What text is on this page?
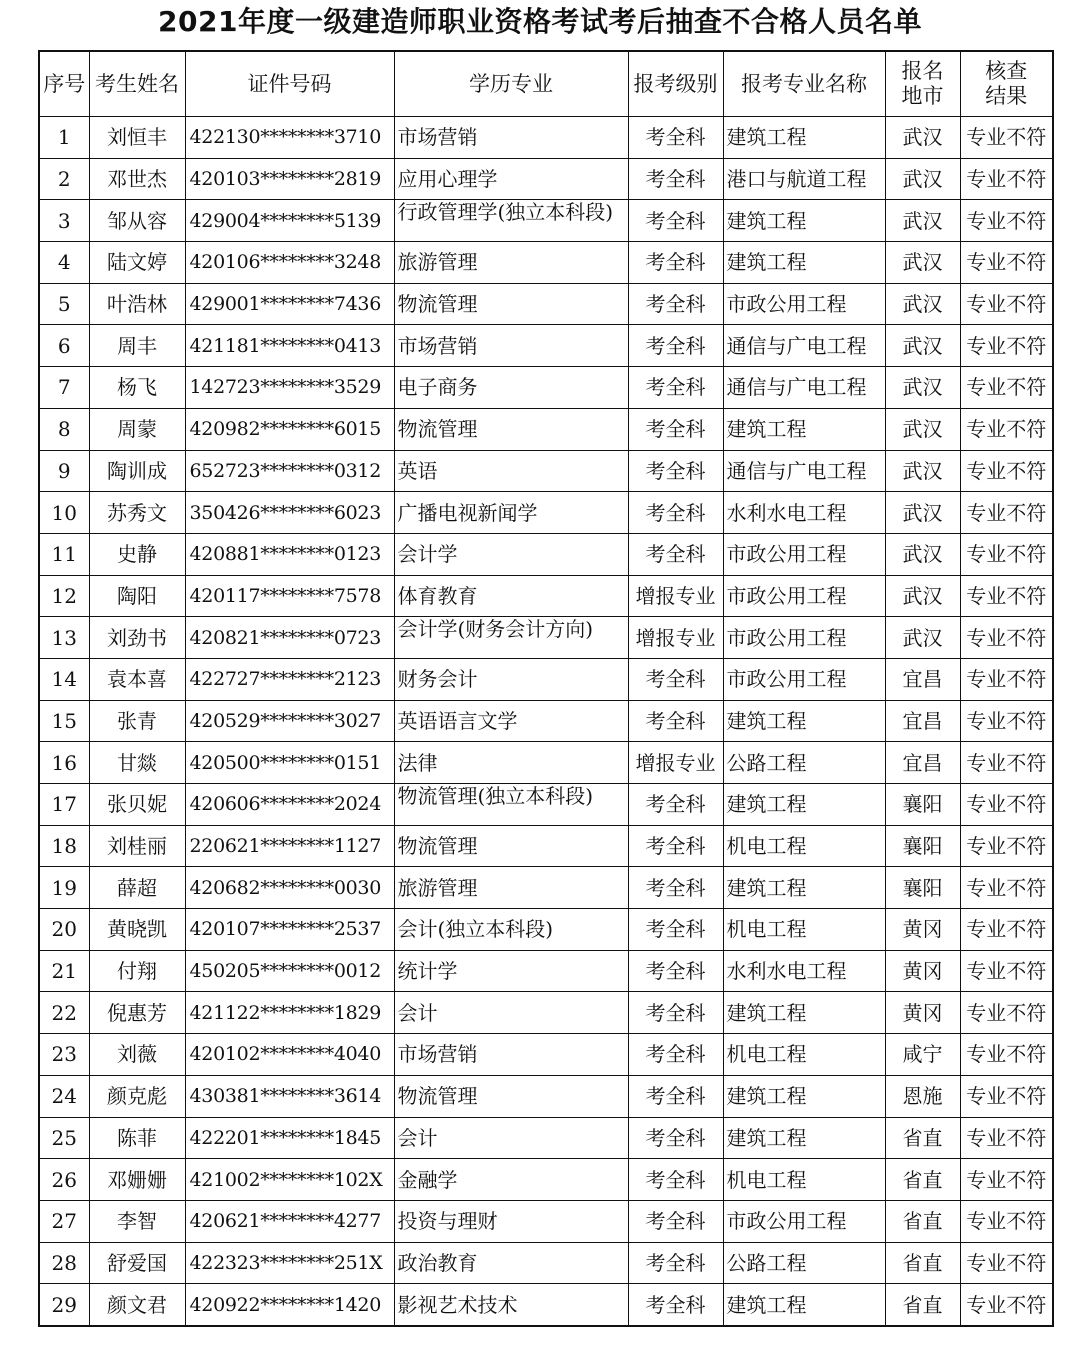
2021年度一级建造师职业资格考试考后抽查不合格人员名单
序号	考生姓名	证件号码	学历专业	报考级别	报考专业名称	报名地市	核查结果
1	刘恒丰	422130********3710	市场营销	考全科	建筑工程	武汉	专业不符
2	邓世杰	420103********2819	应用心理学	考全科	港口与航道工程	武汉	专业不符
3	邹从容	429004********5139	行政管理学(独立本科段)	考全科	建筑工程	武汉	专业不符
4	陆文婷	420106********3248	旅游管理	考全科	建筑工程	武汉	专业不符
5	叶浩林	429001********7436	物流管理	考全科	市政公用工程	武汉	专业不符
6	周丰	421181********0413	市场营销	考全科	通信与广电工程	武汉	专业不符
7	杨飞	142723********3529	电子商务	考全科	通信与广电工程	武汉	专业不符
8	周蒙	420982********6015	物流管理	考全科	建筑工程	武汉	专业不符
9	陶训成	652723********0312	英语	考全科	通信与广电工程	武汉	专业不符
10	苏秀文	350426********6023	广播电视新闻学	考全科	水利水电工程	武汉	专业不符
11	史静	420881********0123	会计学	考全科	市政公用工程	武汉	专业不符
12	陶阳	420117********7578	体育教育	增报专业	市政公用工程	武汉	专业不符
13	刘劲书	420821********0723	会计学(财务会计方向)	增报专业	市政公用工程	武汉	专业不符
14	袁本喜	422727********2123	财务会计	考全科	市政公用工程	宜昌	专业不符
15	张青	420529********3027	英语语言文学	考全科	建筑工程	宜昌	专业不符
16	甘燚	420500********0151	法律	增报专业	公路工程	宜昌	专业不符
17	张贝妮	420606********2024	物流管理(独立本科段)	考全科	建筑工程	襄阳	专业不符
18	刘桂丽	220621********1127	物流管理	考全科	机电工程	襄阳	专业不符
19	薛超	420682********0030	旅游管理	考全科	建筑工程	襄阳	专业不符
20	黄晓凯	420107********2537	会计(独立本科段)	考全科	机电工程	黄冈	专业不符
21	付翔	450205********0012	统计学	考全科	水利水电工程	黄冈	专业不符
22	倪惠芳	421122********1829	会计	考全科	建筑工程	黄冈	专业不符
23	刘薇	420102********4040	市场营销	考全科	机电工程	咸宁	专业不符
24	颜克彪	430381********3614	物流管理	考全科	建筑工程	恩施	专业不符
25	陈菲	422201********1845	会计	考全科	建筑工程	省直	专业不符
26	邓姗姗	421002********102X	金融学	考全科	机电工程	省直	专业不符
27	李智	420621********4277	投资与理财	考全科	市政公用工程	省直	专业不符
28	舒爱国	422323********251X	政治教育	考全科	公路工程	省直	专业不符
29	颜文君	420922********1420	影视艺术技术	考全科	建筑工程	省直	专业不符
